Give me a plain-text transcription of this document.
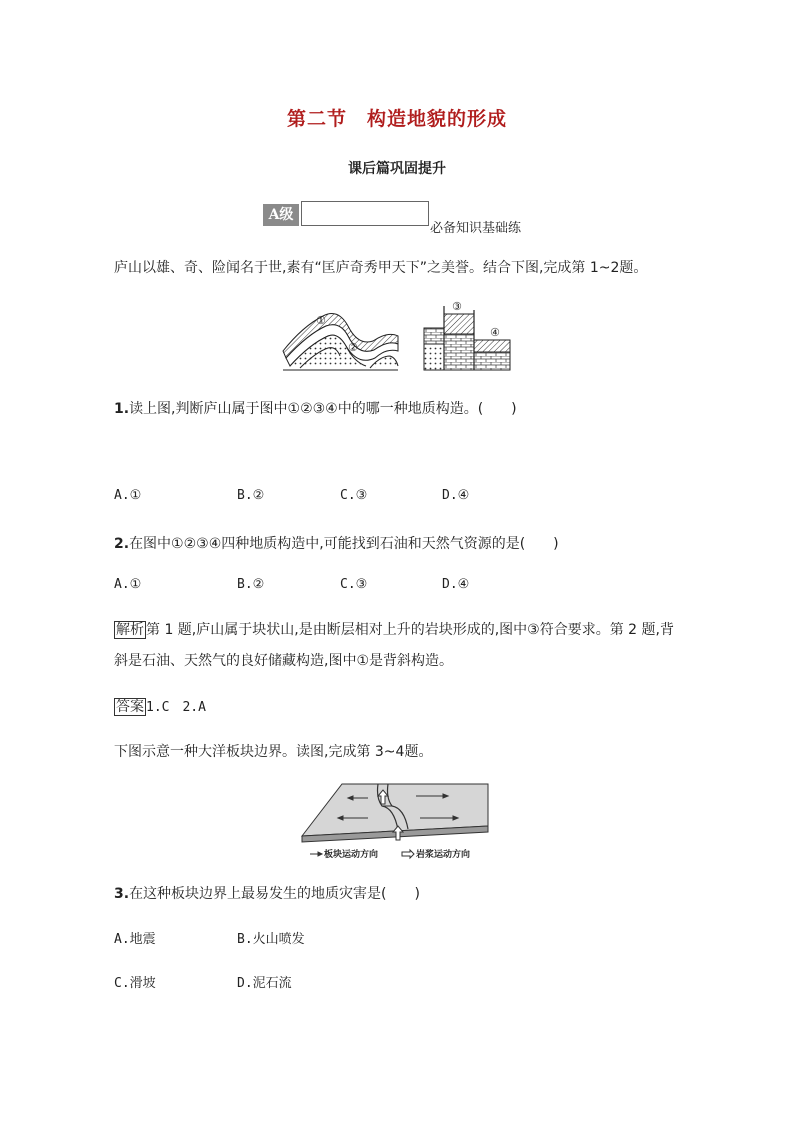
第二节　构造地貌的形成
课后篇巩固提升
A级
必备知识基础练
庐山以雄、奇、险闻名于世,素有“匡庐奇秀甲天下”之美誉。结合下图,完成第 1~2题。
①
②
③
④
1.读上图,判断庐山属于图中①②③④中的哪一种地质构造。(　　)
A.①	B.②	C.③	D.④
2.在图中①②③④四种地质构造中,可能找到石油和天然气资源的是(　　)
A.①	B.②	C.③	D.④
解析 第 1 题,庐山属于块状山,是由断层相对上升的岩块形成的,图中③符合要求。第 2 题,背
斜是石油、天然气的良好储藏构造,图中①是背斜构造。
答案 1.C　2.A
下图示意一种大洋板块边界。读图,完成第 3~4题。
板块运动方向	岩浆运动方向
3.在这种板块边界上最易发生的地质灾害是(　　)
A.地震	B.火山喷发
C.滑坡	D.泥石流
